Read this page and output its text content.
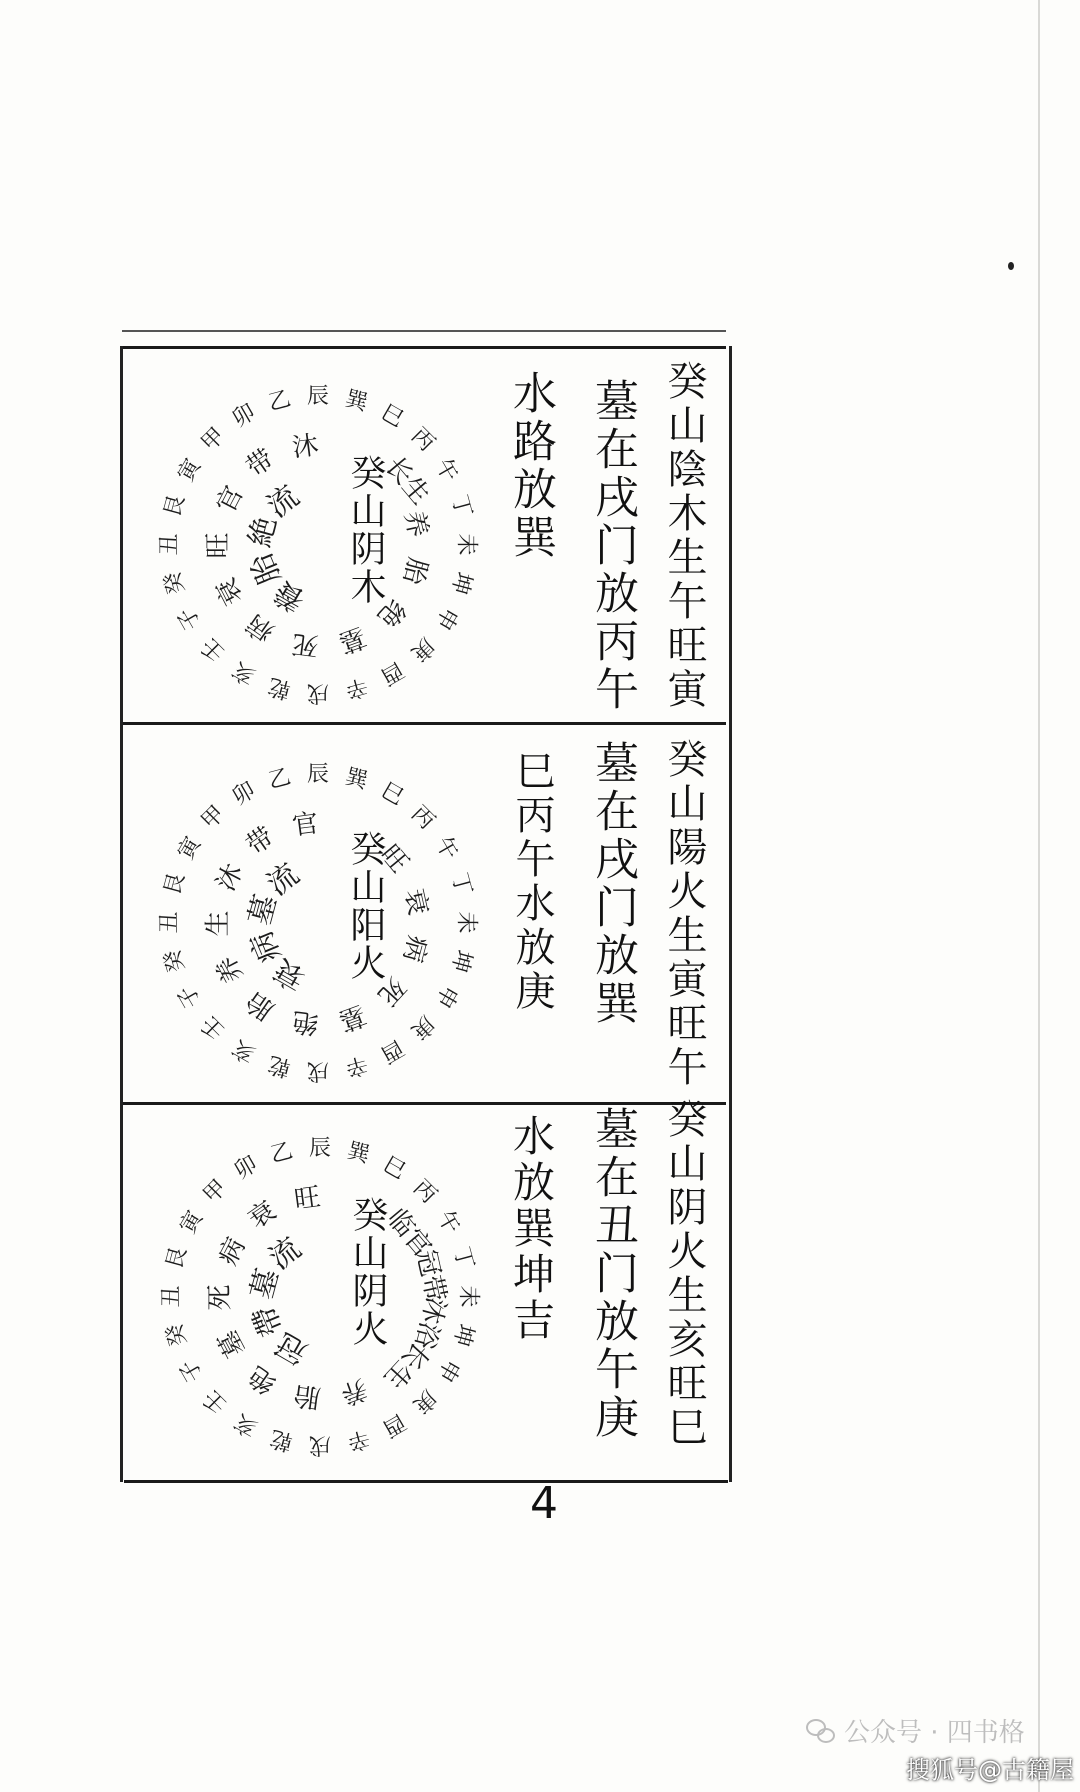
癸山陰木生午旺寅
墓在戌门放丙午
水路放巽
癸山阴木
巳
丙
午
丁
未
坤
申
庚
酉
辛
戌
乾
亥
壬
子
癸
丑
艮
寅
甲
卯 乙 辰 巽
长生
养
胎
绝
墓
死
病
衰
旺
官
带 沐
養
胎
絶
流
癸山陽火生寅旺午
墓在戌门放巽
巳丙午水放庚
癸山阳火
巳
丙
午
丁
未
坤
申
庚
酉
辛
戌
乾
亥
壬
子
癸
丑
艮
寅
甲
卯 乙 辰 巽
旺
衰
病
死
墓
绝
胎
养
生
沐
带 官
衰
病
墓
流
癸山阴火生亥旺巳
墓在丑门放午庚
水放巽坤吉
癸山阴火
巳
丙
午
丁
未
坤
申
庚
酉
辛
戌
乾
亥
壬
子
癸
丑
艮
寅
甲
卯 乙 辰 巽
临官
冠带
沐浴
长生
养
胎
绝
墓
死
病
衰 旺
冠
帶
墓
流
4
公众号 · 四书格
搜狐号@古籍屋
